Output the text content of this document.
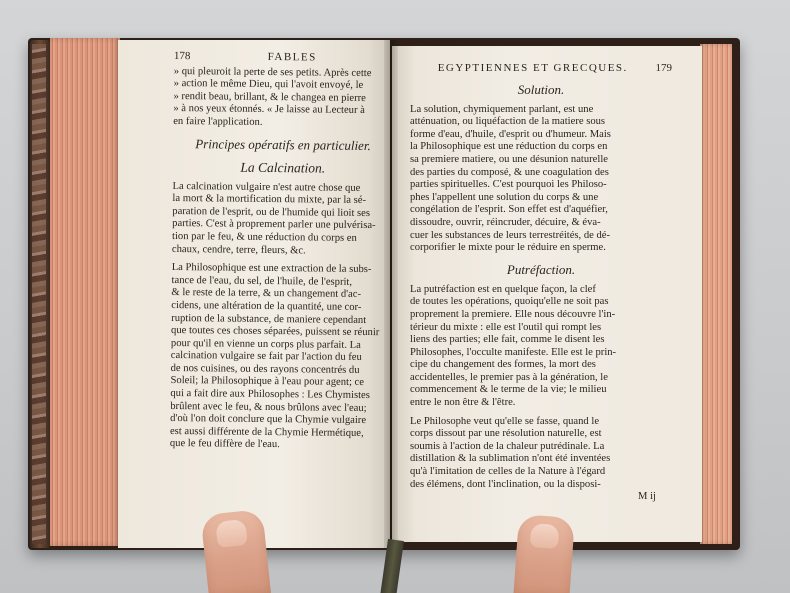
178	FABLES
» qui pleuroit la perte de ses petits. Après cette
» action le même Dieu, qui l'avoit envoyé, le
» rendit beau, brillant, & le changea en pierre
» à nos yeux étonnés. « Je laisse au Lecteur à
en faire l'application.
Principes opératifs en particulier.
La Calcination.
La calcination vulgaire n'est autre chose que
la mort & la mortification du mixte, par la sé-
paration de l'esprit, ou de l'humide qui lioit ses
parties. C'est à proprement parler une pulvérisa-
tion par le feu, & une réduction du corps en
chaux, cendre, terre, fleurs, &c.
La Philosophique est une extraction de la subs-
tance de l'eau, du sel, de l'huile, de l'esprit,
& le reste de la terre, & un changement d'ac-
cidens, une altération de la quantité, une cor-
ruption de la substance, de maniere cependant
que toutes ces choses séparées, puissent se réunir
pour qu'il en vienne un corps plus parfait. La
calcination vulgaire se fait par l'action du feu
de nos cuisines, ou des rayons concentrés du
Soleil; la Philosophique à l'eau pour agent; ce
qui a fait dire aux Philosophes : Les Chymistes
brûlent avec le feu, & nous brûlons avec l'eau;
d'où l'on doit conclure que la Chymie vulgaire
est aussi différente de la Chymie Hermétique,
que le feu diffère de l'eau.
EGYPTIENNES ET GRECQUES.	179
Solution.
La solution, chymiquement parlant, est une
atténuation, ou liquéfaction de la matiere sous
forme d'eau, d'huile, d'esprit ou d'humeur. Mais
la Philosophique est une réduction du corps en
sa premiere matiere, ou une désunion naturelle
des parties du composé, & une coagulation des
parties spirituelles. C'est pourquoi les Philoso-
phes l'appellent une solution du corps & une
congélation de l'esprit. Son effet est d'aquéfier,
dissoudre, ouvrir, réincruder, décuire, & éva-
cuer les substances de leurs terrestréités, de dé-
corporifier le mixte pour le réduire en sperme.
Putréfaction.
La putréfaction est en quelque façon, la clef
de toutes les opérations, quoiqu'elle ne soit pas
proprement la premiere. Elle nous découvre l'in-
térieur du mixte : elle est l'outil qui rompt les
liens des parties; elle fait, comme le disent les
Philosophes, l'occulte manifeste. Elle est le prin-
cipe du changement des formes, la mort des
accidentelles, le premier pas à la génération, le
commencement & le terme de la vie; le milieu
entre le non être & l'être.
Le Philosophe veut qu'elle se fasse, quand le
corps dissout par une résolution naturelle, est
soumis à l'action de la chaleur putrédinale. La
distillation & la sublimation n'ont été inventées
qu'à l'imitation de celles de la Nature à l'égard
des élémens, dont l'inclination, ou la disposi-
M ij
